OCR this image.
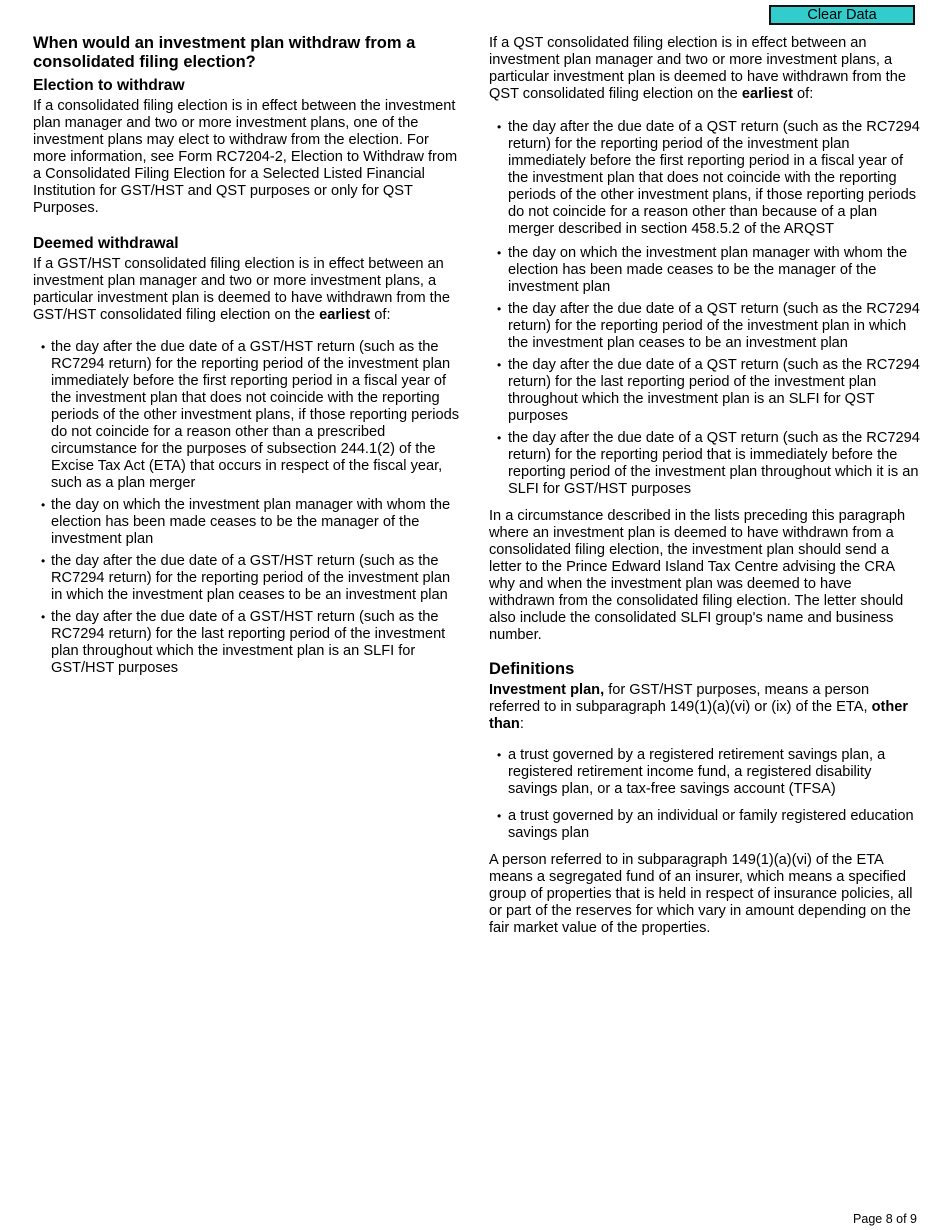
Clear Data
When would an investment plan withdraw from a consolidated filing election?
Election to withdraw

If a consolidated filing election is in effect between the investment plan manager and two or more investment plans, one of the investment plans may elect to withdraw from the election. For more information, see Form RC7204-2, Election to Withdraw from a Consolidated Filing Election for a Selected Listed Financial Institution for GST/HST and QST purposes or only for QST Purposes.

Deemed withdrawal

If a GST/HST consolidated filing election is in effect between an investment plan manager and two or more investment plans, a particular investment plan is deemed to have withdrawn from the GST/HST consolidated filing election on the earliest of:

• the day after the due date of a GST/HST return (such as the RC7294 return) for the reporting period of the investment plan immediately before the first reporting period in a fiscal year of the investment plan that does not coincide with the reporting periods of the other investment plans, if those reporting periods do not coincide for a reason other than a prescribed circumstance for the purposes of subsection 244.1(2) of the Excise Tax Act (ETA) that occurs in respect of the fiscal year, such as a plan merger
• the day on which the investment plan manager with whom the election has been made ceases to be the manager of the investment plan
• the day after the due date of a GST/HST return (such as the RC7294 return) for the reporting period of the investment plan in which the investment plan ceases to be an investment plan
• the day after the due date of a GST/HST return (such as the RC7294 return) for the last reporting period of the investment plan throughout which the investment plan is an SLFI for GST/HST purposes

If a QST consolidated filing election is in effect between an investment plan manager and two or more investment plans, a particular investment plan is deemed to have withdrawn from the QST consolidated filing election on the earliest of:

• the day after the due date of a QST return (such as the RC7294 return) for the reporting period of the investment plan immediately before the first reporting period in a fiscal year of the investment plan that does not coincide with the reporting periods of the other investment plans, if those reporting periods do not coincide for a reason other than because of a plan merger described in section 458.5.2 of the ARQST
• the day on which the investment plan manager with whom the election has been made ceases to be the manager of the investment plan
• the day after the due date of a QST return (such as the RC7294 return) for the reporting period of the investment plan in which the investment plan ceases to be an investment plan
• the day after the due date of a QST return (such as the RC7294 return) for the last reporting period of the investment plan throughout which the investment plan is an SLFI for QST purposes
• the day after the due date of a QST return (such as the RC7294 return) for the reporting period that is immediately before the reporting period of the investment plan throughout which it is an SLFI for GST/HST purposes

In a circumstance described in the lists preceding this paragraph where an investment plan is deemed to have withdrawn from a consolidated filing election, the investment plan should send a letter to the Prince Edward Island Tax Centre advising the CRA why and when the investment plan was deemed to have withdrawn from the consolidated filing election. The letter should also include the consolidated SLFI group's name and business number.

Definitions

Investment plan, for GST/HST purposes, means a person referred to in subparagraph 149(1)(a)(vi) or (ix) of the ETA, other than:

• a trust governed by a registered retirement savings plan, a registered retirement income fund, a registered disability savings plan, or a tax-free savings account (TFSA)
• a trust governed by an individual or family registered education savings plan

A person referred to in subparagraph 149(1)(a)(vi) of the ETA means a segregated fund of an insurer, which means a specified group of properties that is held in respect of insurance policies, all or part of the reserves for which vary in amount depending on the fair market value of the properties.

Page 8 of 9
